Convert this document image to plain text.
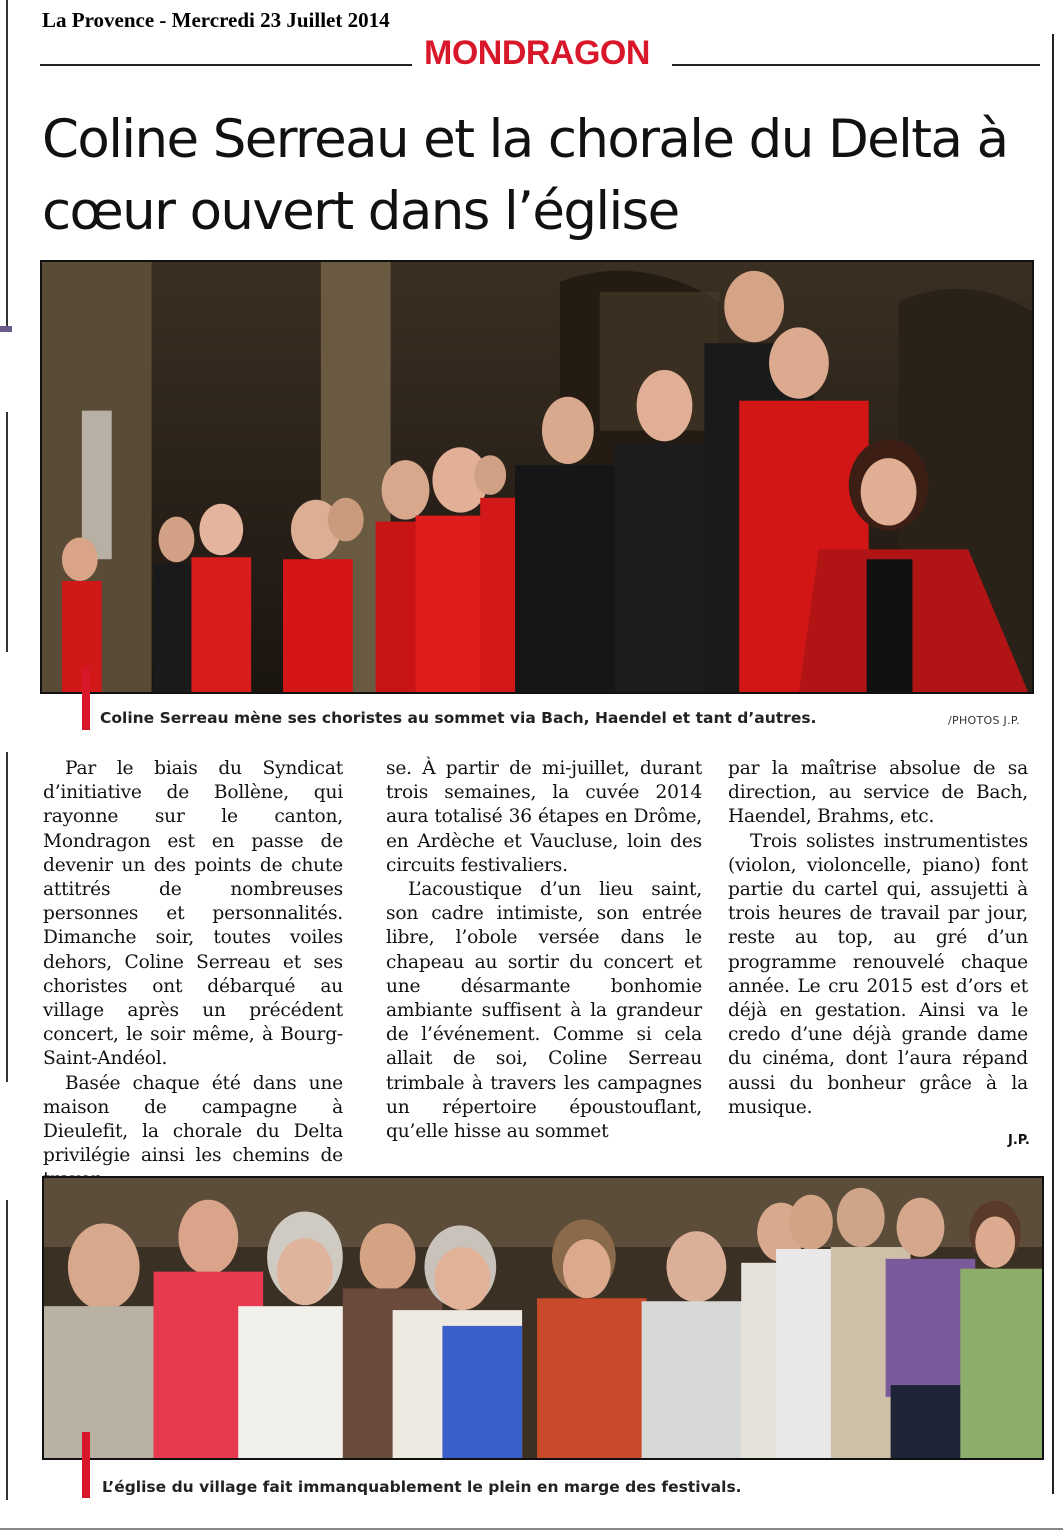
La Provence - Mercredi 23 Juillet 2014
MONDRAGON
Coline Serreau et la chorale du Delta à cœur ouvert dans l’église
Coline Serreau mène ses choristes au sommet via Bach, Haendel et tant d’autres.	/PHOTOS J.P.

Par le biais du Syndicat d’initiative de Bollène, qui rayonne sur le canton, Mondragon est en passe de devenir un des points de chute attitrés de nombreuses personnes et personnalités. Dimanche soir, toutes voiles dehors, Coline Serreau et ses choristes ont débarqué au village après un précédent concert, le soir même, à Bourg-Saint-Andéol.

Basée chaque été dans une maison de campagne à Dieulefit, la chorale du Delta privilégie ainsi les chemins de

se. À partir de mi-juillet, durant trois semaines, la cuvée 2014 aura totalisé 36 étapes en Drôme, en Ardèche et Vaucluse, loin des circuits festivaliers.

L’acoustique d’un lieu saint, son cadre intimiste, son entrée libre, l’obole versée dans le chapeau au sortir du concert et une désarmante bonhomie ambiante suffisent à la grandeur de l’événement. Comme si cela allait de soi, Coline Serreau trimbale à travers les campagnes un répertoire époustouflant, qu’elle hisse au sommet

par la maîtrise absolue de sa direction, au service de Bach, Haendel, Brahms, etc.

Trois solistes instrumentistes (violon, violoncelle, piano) font partie du cartel qui, assujetti à trois heures de travail par jour, reste au top, au gré d’un programme renouvelé chaque année. Le cru 2015 est d’ors et déjà en gestation. Ainsi va le credo d’une déjà grande dame du cinéma, dont l’aura répand aussi du bonheur grâce à la musique.

J.P.
L’église du village fait immanquablement le plein en marge des festivals.
